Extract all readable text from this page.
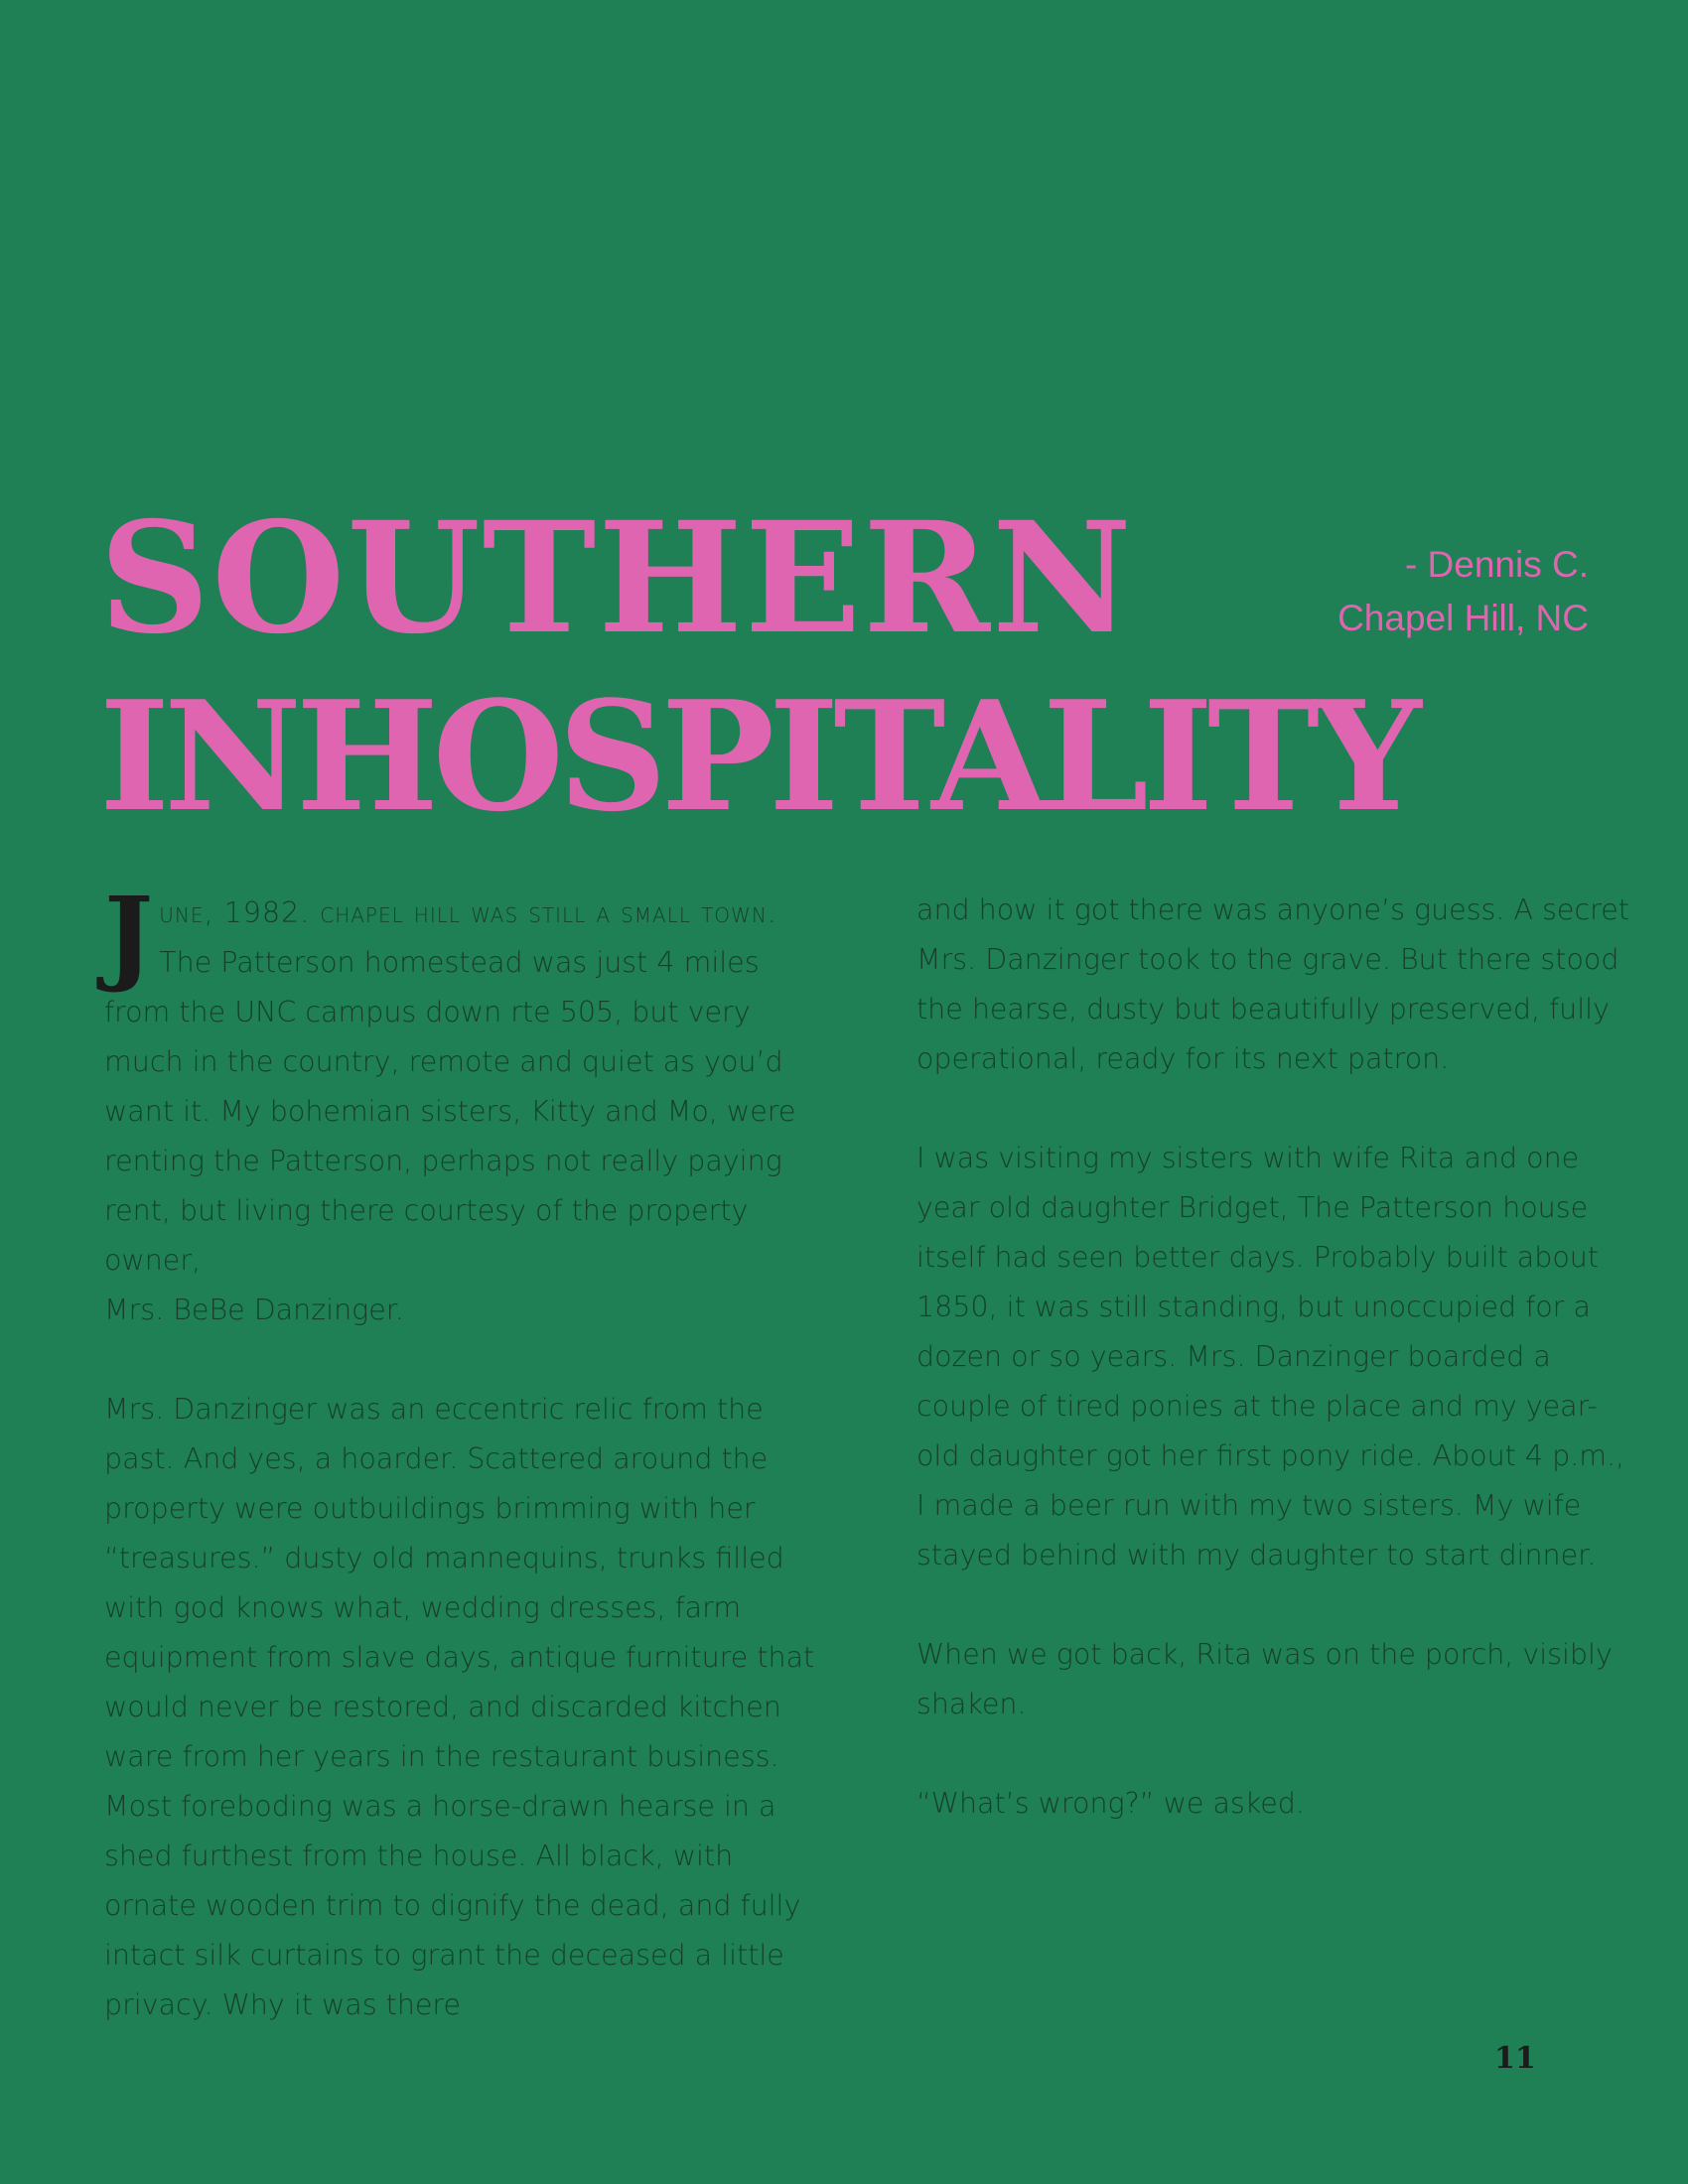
SOUTHERN
INHOSPITALITY
- Dennis C.
Chapel Hill, NC

June, 1982. chapel hill was still a small town. The Patterson homestead was just 4 miles from the UNC campus down rte 505, but very much in the country, remote and quiet as you’d want it. My bohemian sisters, Kitty and Mo, were renting the Patterson, perhaps not really paying rent, but living there courtesy of the property owner,
Mrs. BeBe Danzinger.

Mrs. Danzinger was an eccentric relic from the past. And yes, a hoarder. Scattered around the property were outbuildings brimming with her “treasures.” dusty old mannequins, trunks filled with god knows what, wedding dresses, farm equipment from slave days, antique furniture that would never be restored, and discarded kitchen ware from her years in the restaurant business. Most foreboding was a horse-drawn hearse in a shed furthest from the house. All black, with ornate wooden trim to dignify the dead, and fully intact silk curtains to grant the deceased a little privacy. Why it was there

and how it got there was anyone’s guess. A secret Mrs. Danzinger took to the grave. But there stood the hearse, dusty but beautifully preserved, fully operational, ready for its next patron.

I was visiting my sisters with wife Rita and one year old daughter Bridget, The Patterson house itself had seen better days. Probably built about 1850, it was still standing, but unoccupied for a dozen or so years. Mrs. Danzinger boarded a couple of tired ponies at the place and my year-old daughter got her first pony ride. About 4 p.m., I made a beer run with my two sisters. My wife stayed behind with my daughter to start dinner.

When we got back, Rita was on the porch, visibly shaken.

“What’s wrong?” we asked.

11
